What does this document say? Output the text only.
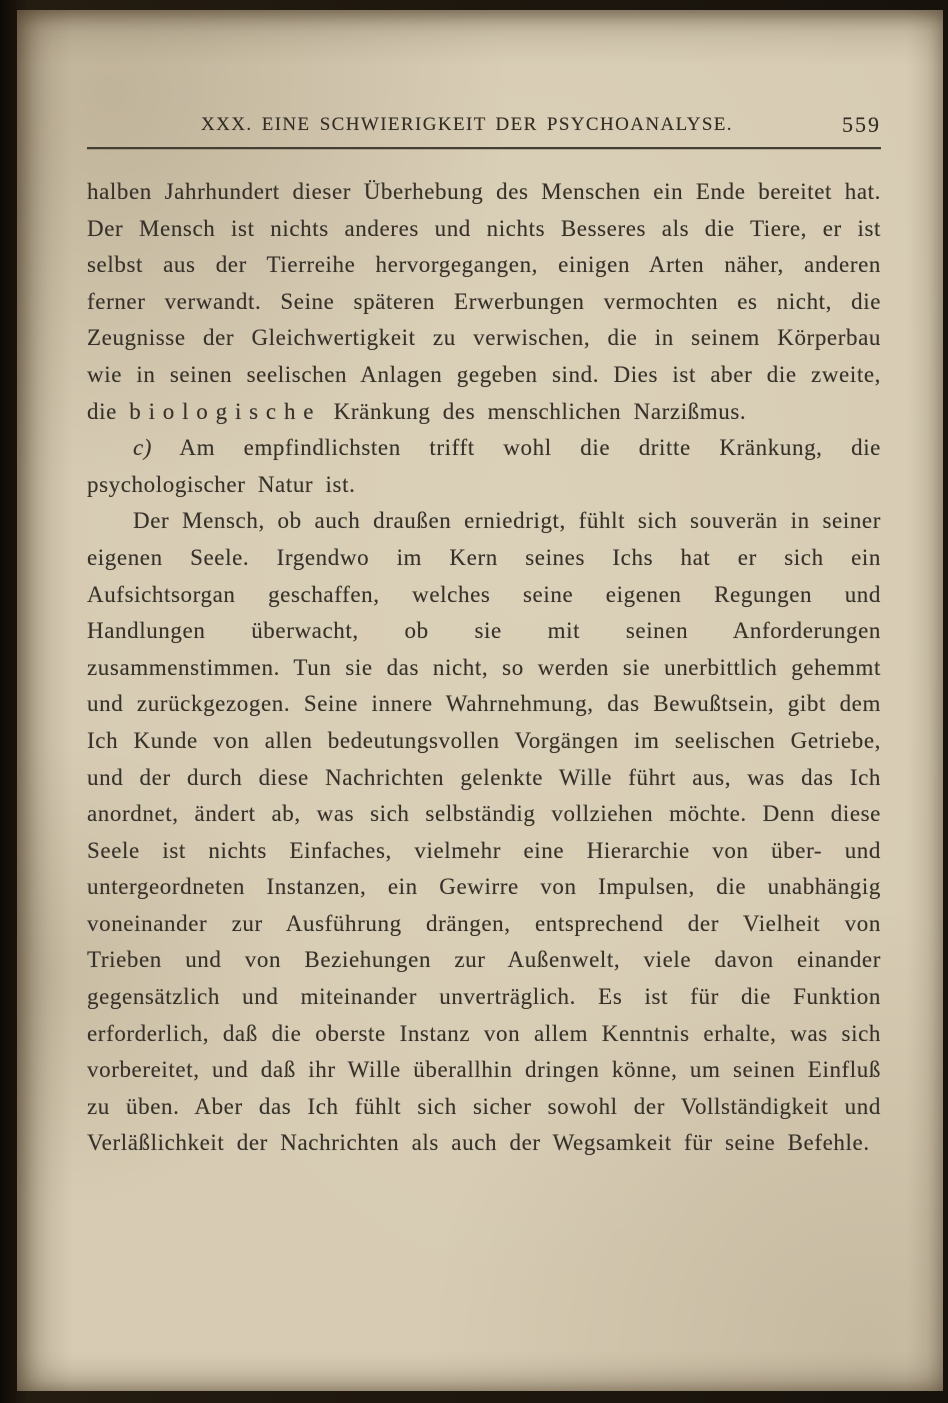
XXX. EINE SCHWIERIGKEIT DER PSYCHOANALYSE.	559

halben Jahrhundert dieser Überhebung des Menschen ein Ende bereitet hat. Der Mensch ist nichts anderes und nichts Besseres als die Tiere, er ist selbst aus der Tierreihe hervorgegangen, einigen Arten näher, anderen ferner verwandt. Seine späteren Erwerbungen vermochten es nicht, die Zeugnisse der Gleichwertigkeit zu verwischen, die in seinem Körperbau wie in seinen seelischen Anlagen gegeben sind. Dies ist aber die zweite, die biologische Kränkung des menschlichen Narzißmus.

c) Am empfindlichsten trifft wohl die dritte Kränkung, die psychologischer Natur ist.

Der Mensch, ob auch draußen erniedrigt, fühlt sich souverän in seiner eigenen Seele. Irgendwo im Kern seines Ichs hat er sich ein Aufsichtsorgan geschaffen, welches seine eigenen Regungen und Handlungen überwacht, ob sie mit seinen Anforderungen zusammenstimmen. Tun sie das nicht, so werden sie unerbittlich gehemmt und zurückgezogen. Seine innere Wahrnehmung, das Bewußtsein, gibt dem Ich Kunde von allen bedeutungsvollen Vorgängen im seelischen Getriebe, und der durch diese Nachrichten gelenkte Wille führt aus, was das Ich anordnet, ändert ab, was sich selbständig vollziehen möchte. Denn diese Seele ist nichts Einfaches, vielmehr eine Hierarchie von über- und untergeordneten Instanzen, ein Gewirre von Impulsen, die unabhängig voneinander zur Ausführung drängen, entsprechend der Vielheit von Trieben und von Beziehungen zur Außenwelt, viele davon einander gegensätzlich und miteinander unverträglich. Es ist für die Funktion erforderlich, daß die oberste Instanz von allem Kenntnis erhalte, was sich vorbereitet, und daß ihr Wille überallhin dringen könne, um seinen Einfluß zu üben. Aber das Ich fühlt sich sicher sowohl der Vollständigkeit und Verläßlichkeit der Nachrichten als auch der Wegsamkeit für seine Befehle.
